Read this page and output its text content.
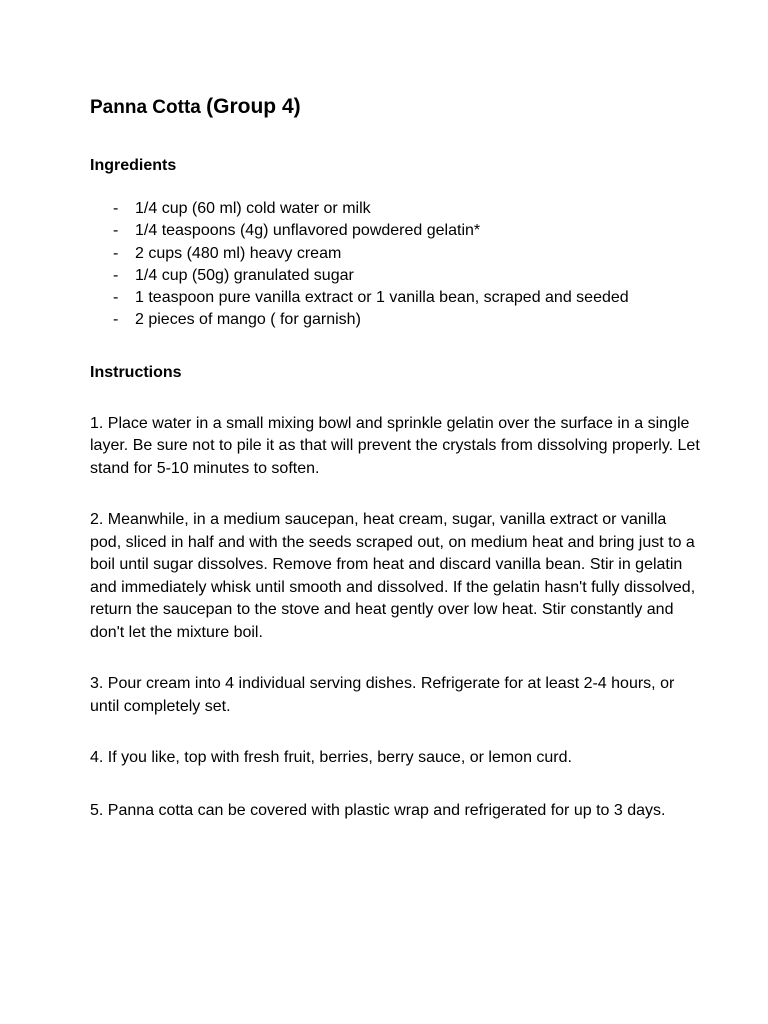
Panna Cotta (Group 4)
Ingredients
- 1/4 cup (60 ml) cold water or milk
- 1/4 teaspoons (4g) unflavored powdered gelatin*
- 2 cups (480 ml) heavy cream
- 1/4 cup (50g) granulated sugar
- 1 teaspoon pure vanilla extract or 1 vanilla bean, scraped and seeded
- 2 pieces of mango ( for garnish)
Instructions

1. Place water in a small mixing bowl and sprinkle gelatin over the surface in a single layer. Be sure not to pile it as that will prevent the crystals from dissolving properly. Let stand for 5-10 minutes to soften.

2. Meanwhile, in a medium saucepan, heat cream, sugar, vanilla extract or vanilla pod, sliced in half and with the seeds scraped out, on medium heat and bring just to a boil until sugar dissolves. Remove from heat and discard vanilla bean. Stir in gelatin and immediately whisk until smooth and dissolved. If the gelatin hasn't fully dissolved, return the saucepan to the stove and heat gently over low heat. Stir constantly and don't let the mixture boil.

3. Pour cream into 4 individual serving dishes. Refrigerate for at least 2-4 hours, or until completely set.

4. If you like, top with fresh fruit, berries, berry sauce, or lemon curd.

5. Panna cotta can be covered with plastic wrap and refrigerated for up to 3 days.
